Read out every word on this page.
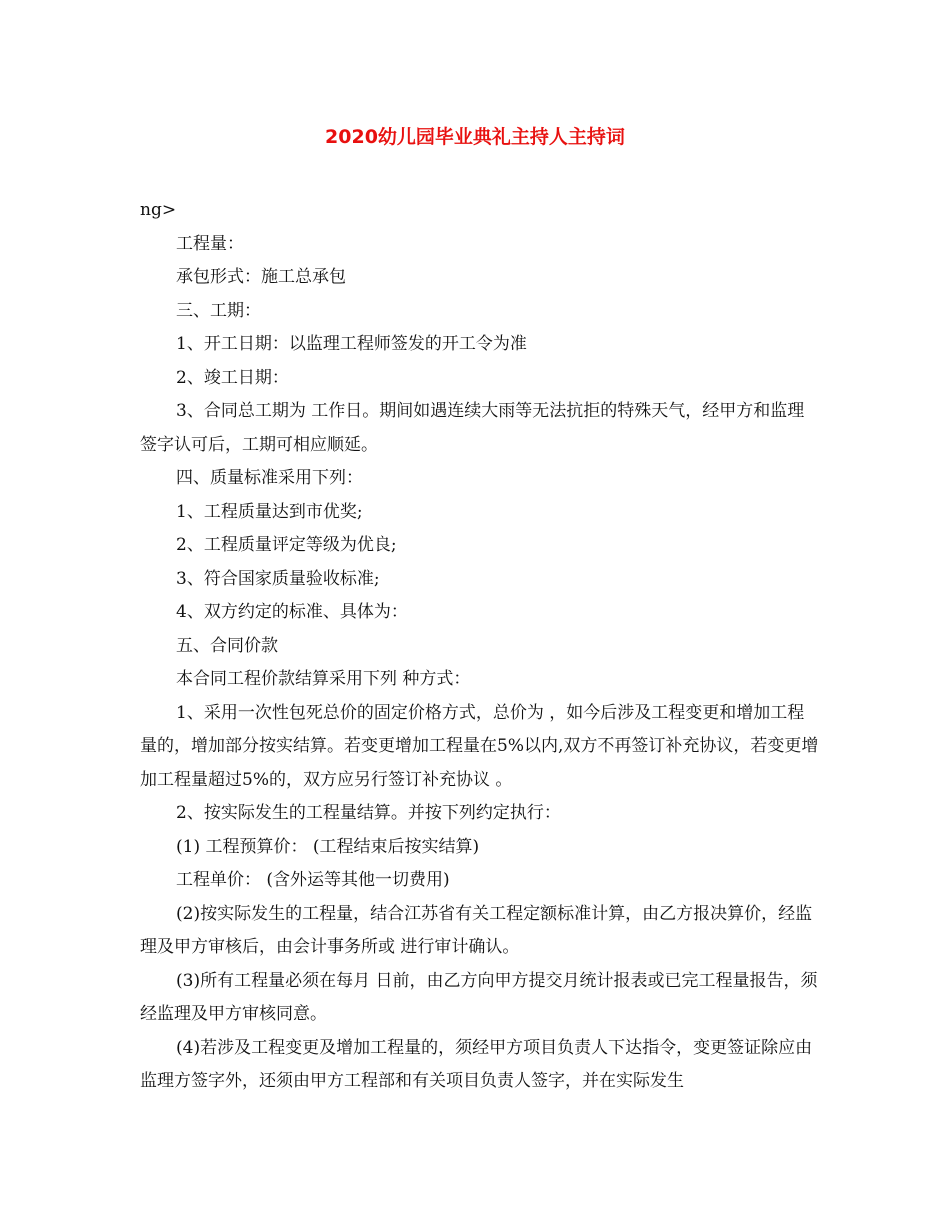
2020幼儿园毕业典礼主持人主持词

ng>

工程量：

承包形式：施工总承包

三、工期：

1、开工日期：以监理工程师签发的开工令为准

2、竣工日期：

3、合同总工期为 工作日。期间如遇连续大雨等无法抗拒的特殊天气，经甲方和监理签字认可后，工期可相应顺延。

四、质量标准采用下列：

1、工程质量达到市优奖;

2、工程质量评定等级为优良;

3、符合国家质量验收标准;

4、双方约定的标准、具体为：

五、合同价款

本合同工程价款结算采用下列 种方式：

1、采用一次性包死总价的固定价格方式，总价为 ，如今后涉及工程变更和增加工程量的，增加部分按实结算。若变更增加工程量在5%以内,双方不再签订补充协议，若变更增加工程量超过5%的，双方应另行签订补充协议 。

2、按实际发生的工程量结算。并按下列约定执行：

(1) 工程预算价： (工程结束后按实结算)

工程单价： (含外运等其他一切费用)

(2)按实际发生的工程量，结合江苏省有关工程定额标准计算，由乙方报决算价，经监理及甲方审核后，由会计事务所或 进行审计确认。

(3)所有工程量必须在每月 日前，由乙方向甲方提交月统计报表或已完工程量报告，须经监理及甲方审核同意。

(4)若涉及工程变更及增加工程量的，须经甲方项目负责人下达指令，变更签证除应由监理方签字外，还须由甲方工程部和有关项目负责人签字，并在实际发生
